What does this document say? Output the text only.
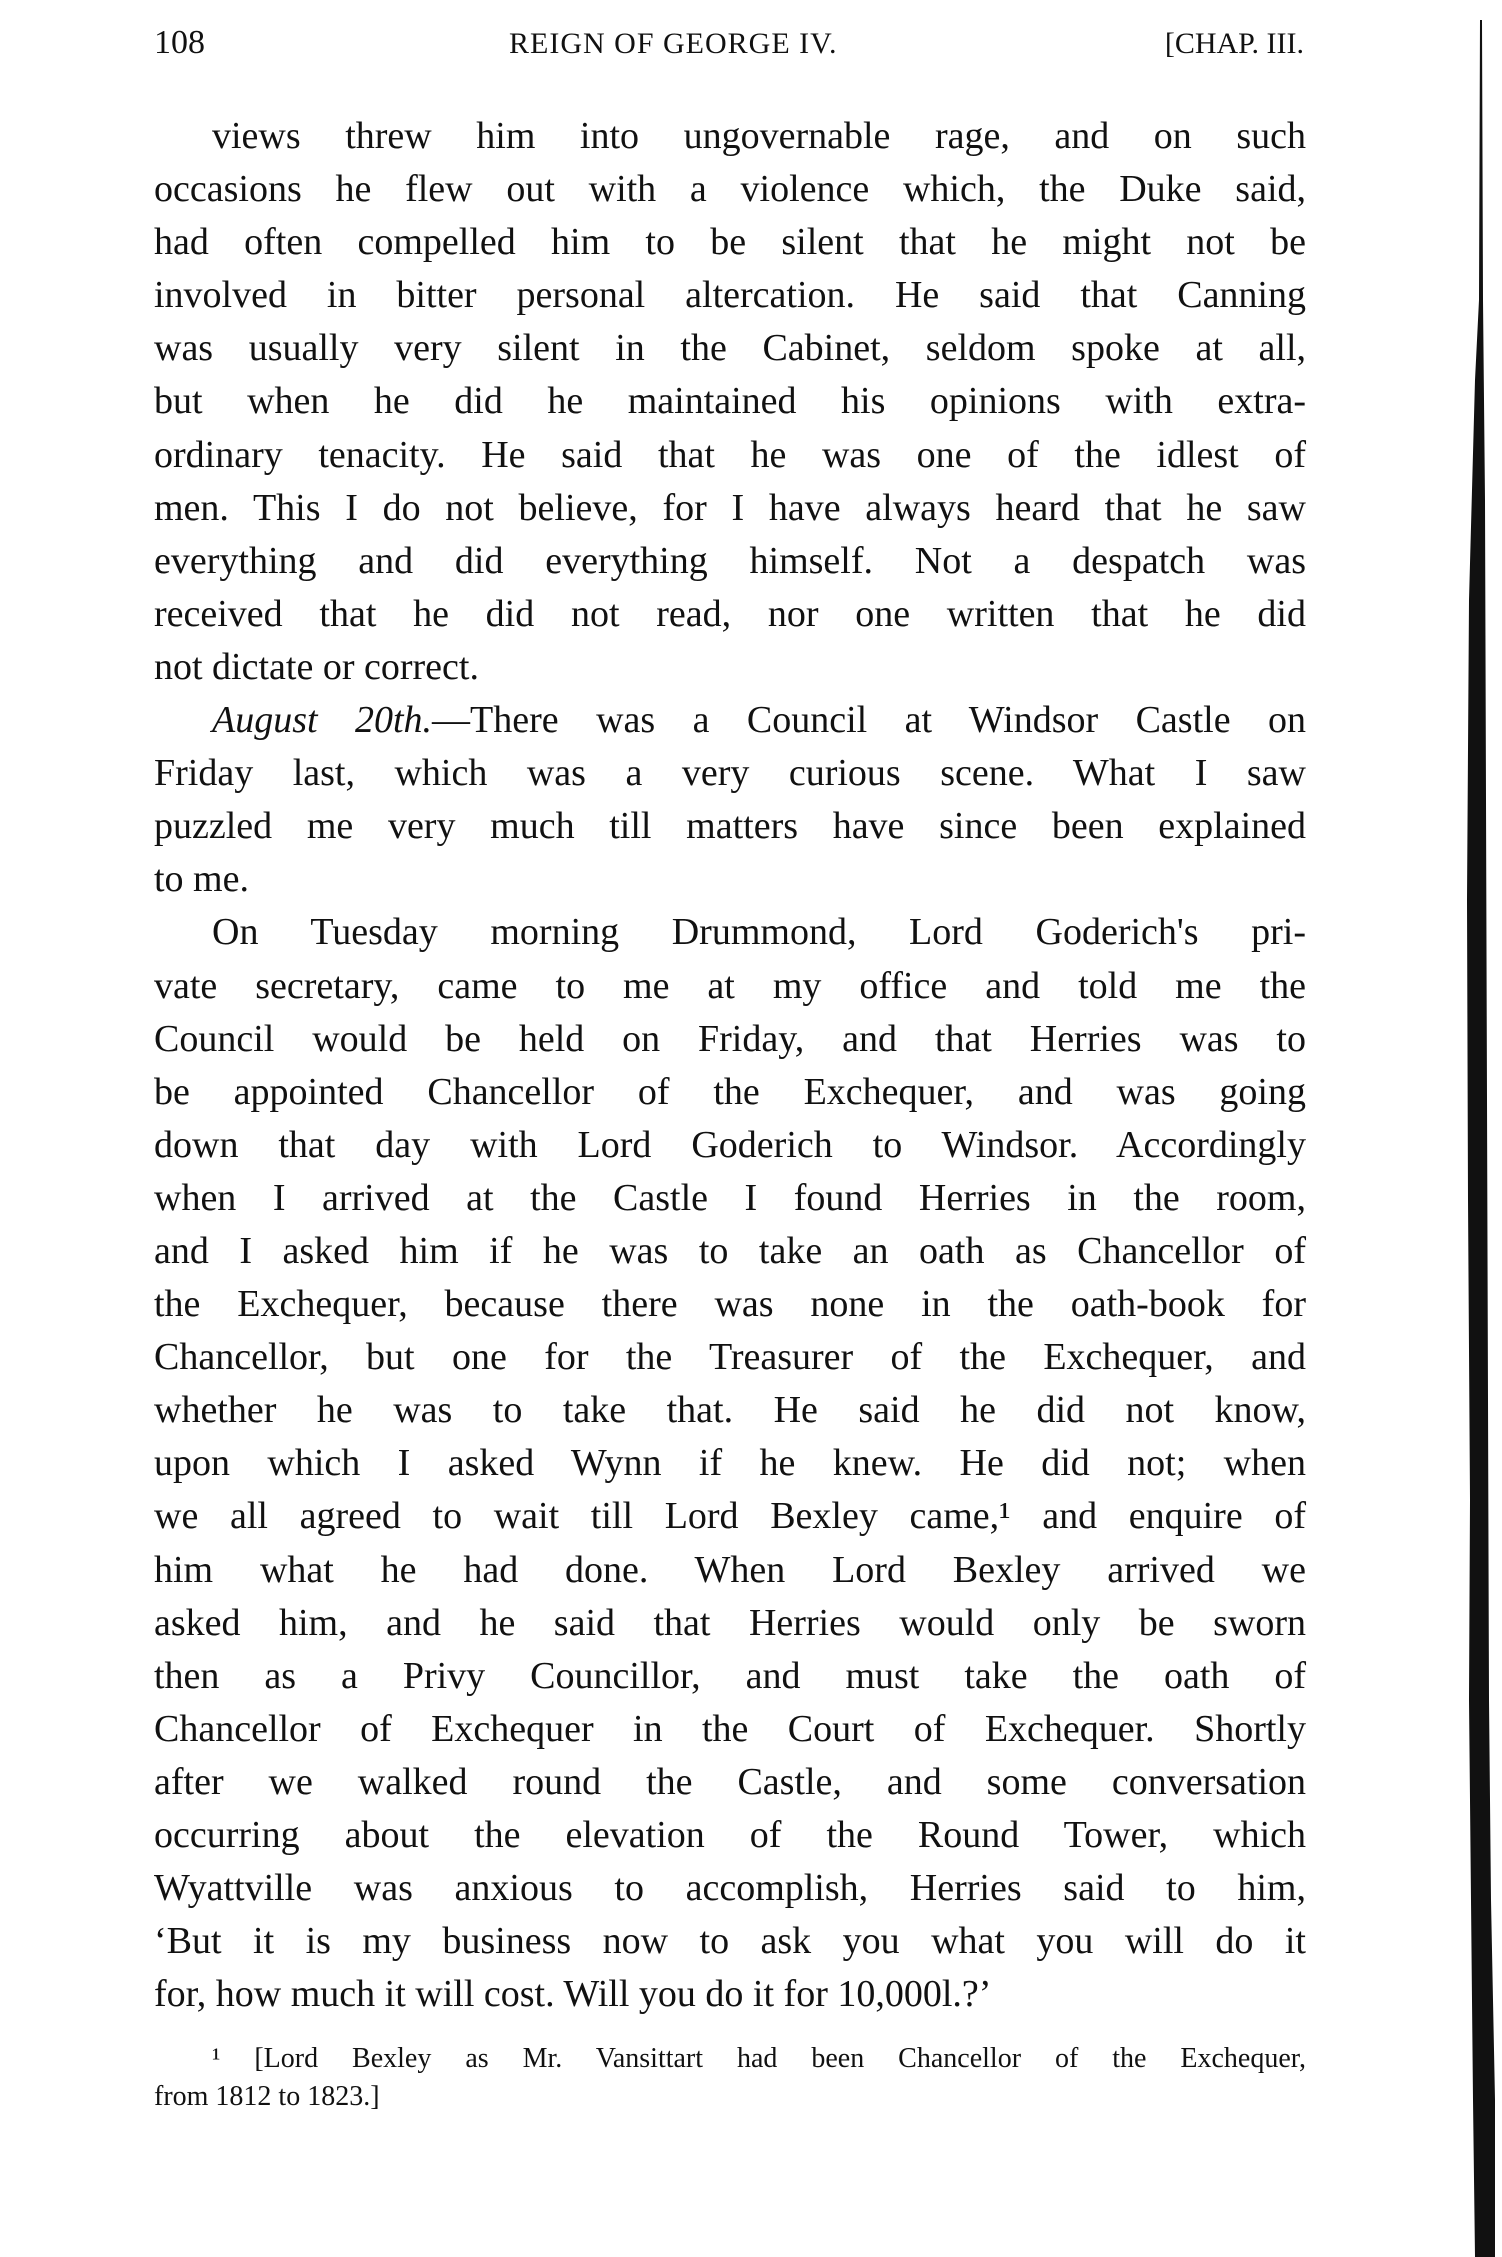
108	REIGN OF GEORGE IV.	[CHAP. III.
views threw him into ungovernable rage, and on such
occasions he flew out with a violence which, the Duke said,
had often compelled him to be silent that he might not be
involved in bitter personal altercation. He said that Canning
was usually very silent in the Cabinet, seldom spoke at all,
but when he did he maintained his opinions with extra-
ordinary tenacity. He said that he was one of the idlest of
men. This I do not believe, for I have always heard that he saw
everything and did everything himself. Not a despatch was
received that he did not read, nor one written that he did
not dictate or correct.
August 20th.—There was a Council at Windsor Castle on
Friday last, which was a very curious scene. What I saw
puzzled me very much till matters have since been explained
to me.
On Tuesday morning Drummond, Lord Goderich's pri-
vate secretary, came to me at my office and told me the
Council would be held on Friday, and that Herries was to
be appointed Chancellor of the Exchequer, and was going
down that day with Lord Goderich to Windsor. Accordingly
when I arrived at the Castle I found Herries in the room,
and I asked him if he was to take an oath as Chancellor of
the Exchequer, because there was none in the oath-book for
Chancellor, but one for the Treasurer of the Exchequer, and
whether he was to take that. He said he did not know,
upon which I asked Wynn if he knew. He did not; when
we all agreed to wait till Lord Bexley came,¹ and enquire of
him what he had done. When Lord Bexley arrived we
asked him, and he said that Herries would only be sworn
then as a Privy Councillor, and must take the oath of
Chancellor of Exchequer in the Court of Exchequer. Shortly
after we walked round the Castle, and some conversation
occurring about the elevation of the Round Tower, which
Wyattville was anxious to accomplish, Herries said to him,
‘But it is my business now to ask you what you will do it
for, how much it will cost. Will you do it for 10,000l.?’
¹ [Lord Bexley as Mr. Vansittart had been Chancellor of the Exchequer,
from 1812 to 1823.]
